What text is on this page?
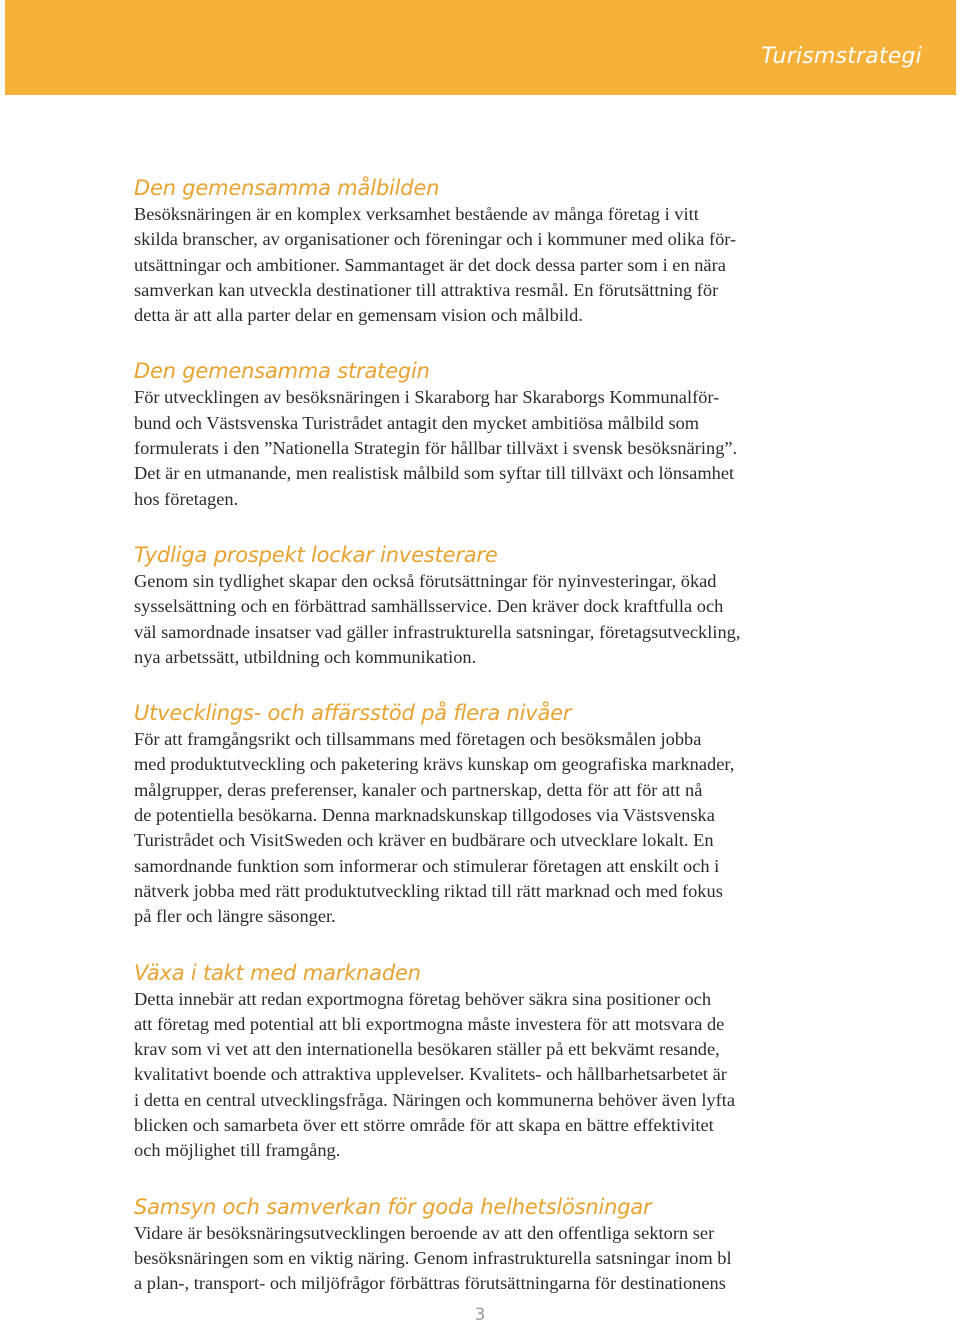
Turismstrategi
Den gemensamma målbilden

Besöksnäringen är en komplex verksamhet bestående av många företag i vitt
skilda branscher, av organisationer och föreningar och i kommuner med olika för-
utsättningar och ambitioner. Sammantaget är det dock dessa parter som i en nära
samverkan kan utveckla destinationer till attraktiva resmål. En förutsättning för
detta är att alla parter delar en gemensam vision och målbild.

Den gemensamma strategin

För utvecklingen av besöksnäringen i Skaraborg har Skaraborgs Kommunalför-
bund och Västsvenska Turistrådet antagit den mycket ambitiösa målbild som
formulerats i den ”Nationella Strategin för hållbar tillväxt i svensk besöksnäring”.
Det är en utmanande, men realistisk målbild som syftar till tillväxt och lönsamhet
hos företagen.

Tydliga prospekt lockar investerare

Genom sin tydlighet skapar den också förutsättningar för nyinvesteringar, ökad
sysselsättning och en förbättrad samhällsservice. Den kräver dock kraftfulla och
väl samordnade insatser vad gäller infrastrukturella satsningar, företagsutveckling,
nya arbetssätt, utbildning och kommunikation.

Utvecklings- och affärsstöd på flera nivåer

För att framgångsrikt och tillsammans med företagen och besöksmålen jobba
med produktutveckling och paketering krävs kunskap om geografiska marknader,
målgrupper, deras preferenser, kanaler och partnerskap, detta för att för att nå
de potentiella besökarna. Denna marknadskunskap tillgodoses via Västsvenska
Turistrådet och VisitSweden och kräver en budbärare och utvecklare lokalt. En
samordnande funktion som informerar och stimulerar företagen att enskilt och i
nätverk jobba med rätt produktutveckling riktad till rätt marknad och med fokus
på fler och längre säsonger.

Växa i takt med marknaden

Detta innebär att redan exportmogna företag behöver säkra sina positioner och
att företag med potential att bli exportmogna måste investera för att motsvara de
krav som vi vet att den internationella besökaren ställer på ett bekvämt resande,
kvalitativt boende och attraktiva upplevelser. Kvalitets- och hållbarhetsarbetet är
i detta en central utvecklingsfråga. Näringen och kommunerna behöver även lyfta
blicken och samarbeta över ett större område för att skapa en bättre effektivitet
och möjlighet till framgång.

Samsyn och samverkan för goda helhetslösningar

Vidare är besöksnäringsutvecklingen beroende av att den offentliga sektorn ser
besöksnäringen som en viktig näring. Genom infrastrukturella satsningar inom bl
a plan-, transport- och miljöfrågor förbättras förutsättningarna för destinationens

3
